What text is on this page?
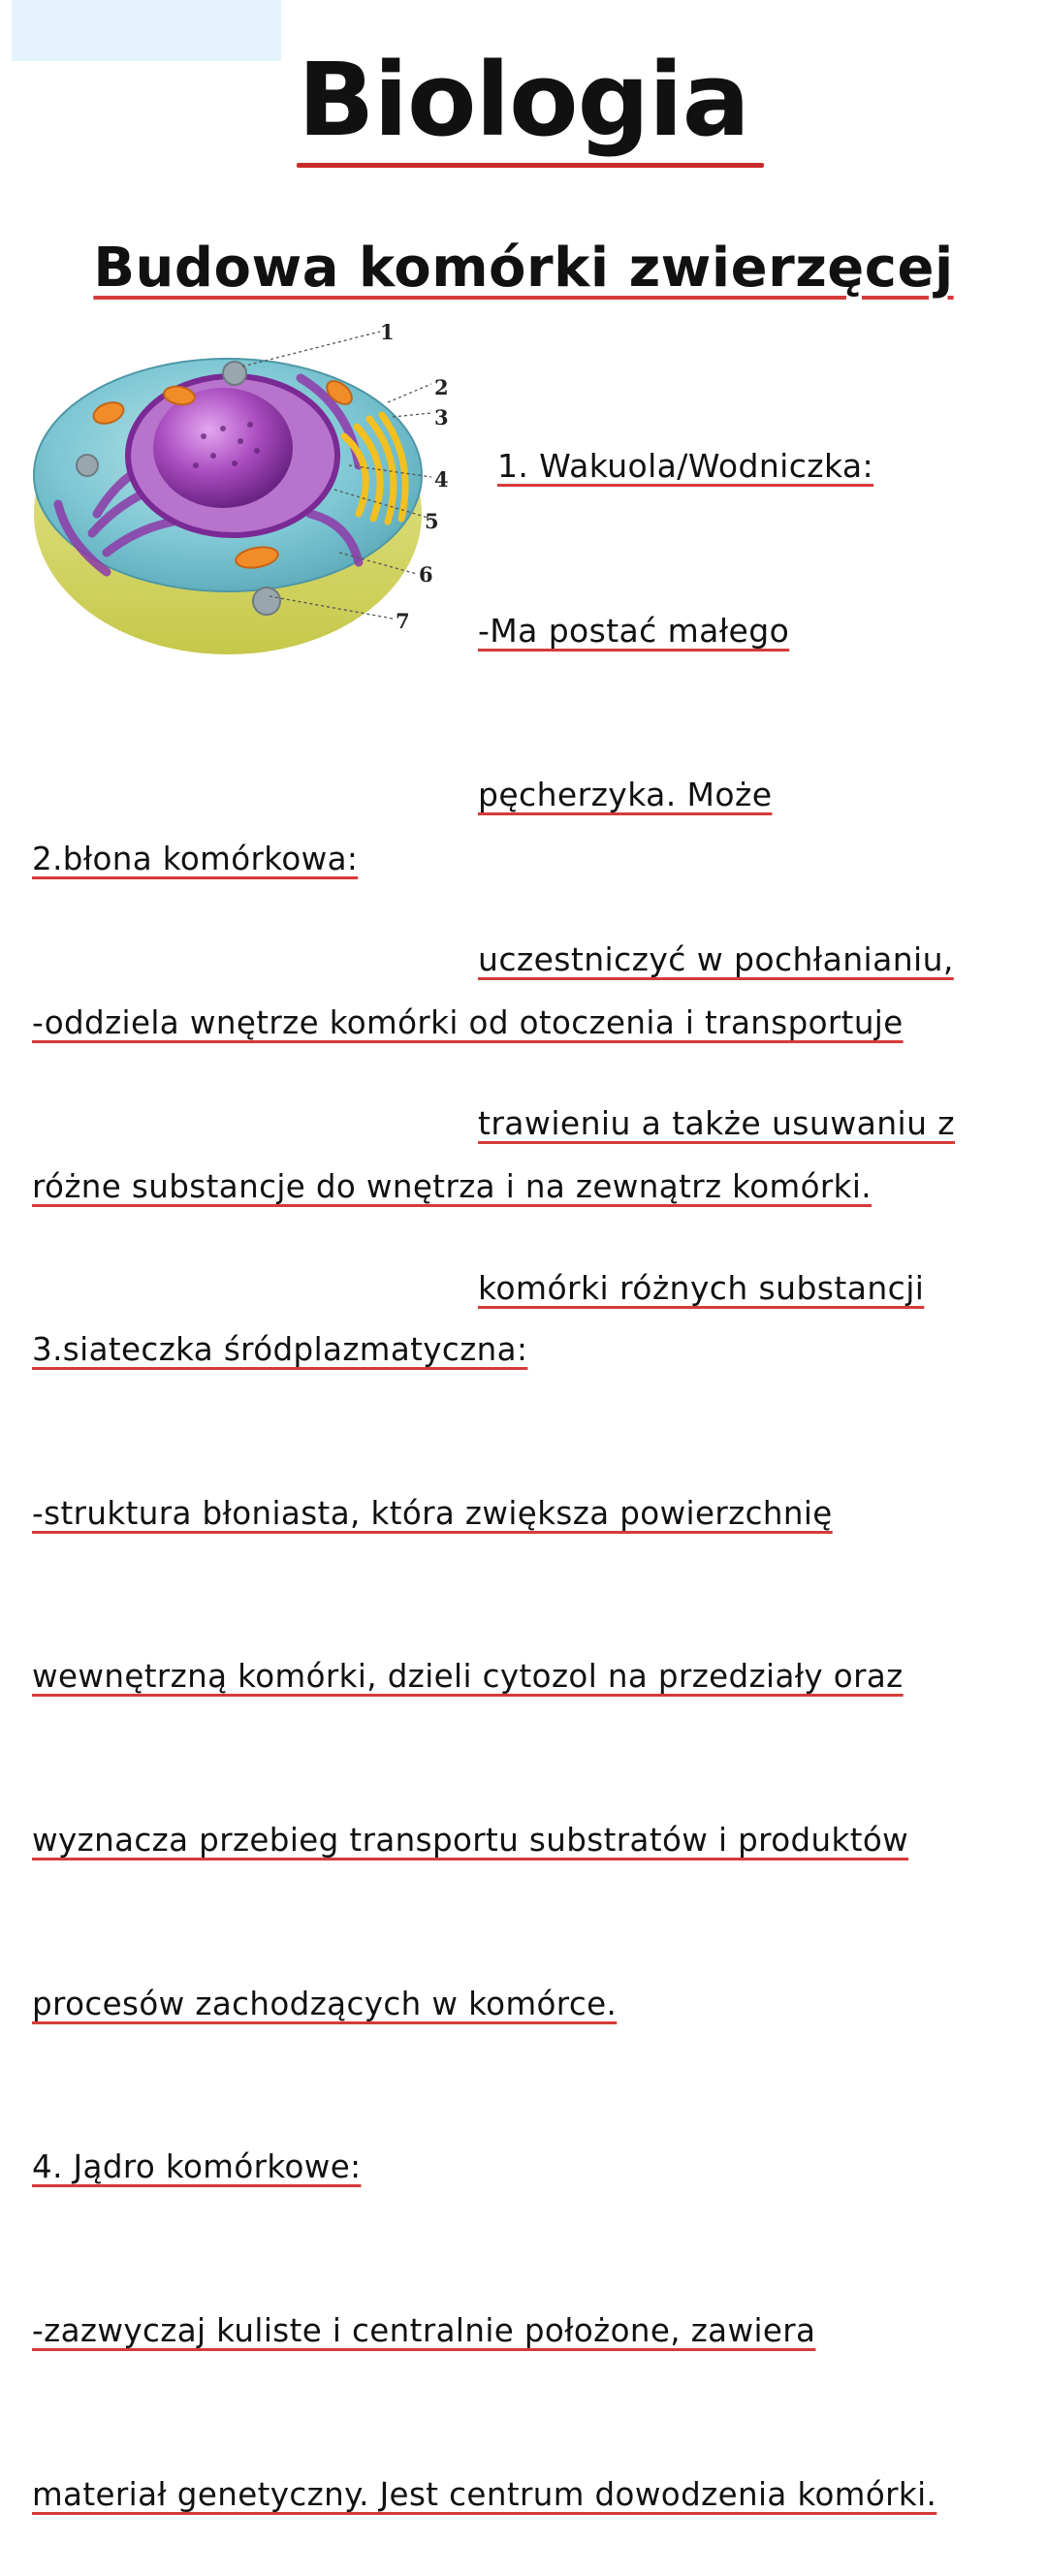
Biologia
Budowa komórki zwierzęcej
1
2
3
4
5
6
7

1. Wakuola/Wodniczka:

-Ma postać małego

pęcherzyka. Może

uczestniczyć w pochłanianiu,

trawieniu a także usuwaniu z

komórki różnych substancji

2.błona komórkowa:

-oddziela wnętrze komórki od otoczenia i transportuje

różne substancje do wnętrza i na zewnątrz komórki.

3.siateczka śródplazmatyczna:

-struktura błoniasta, która zwiększa powierzchnię

wewnętrzną komórki, dzieli cytozol na przedziały oraz

wyznacza przebieg transportu substratów i produktów

procesów zachodzących w komórce.

4. Jądro komórkowe:

-zazwyczaj kuliste i centralnie położone, zawiera

materiał genetyczny. Jest centrum dowodzenia komórki.
